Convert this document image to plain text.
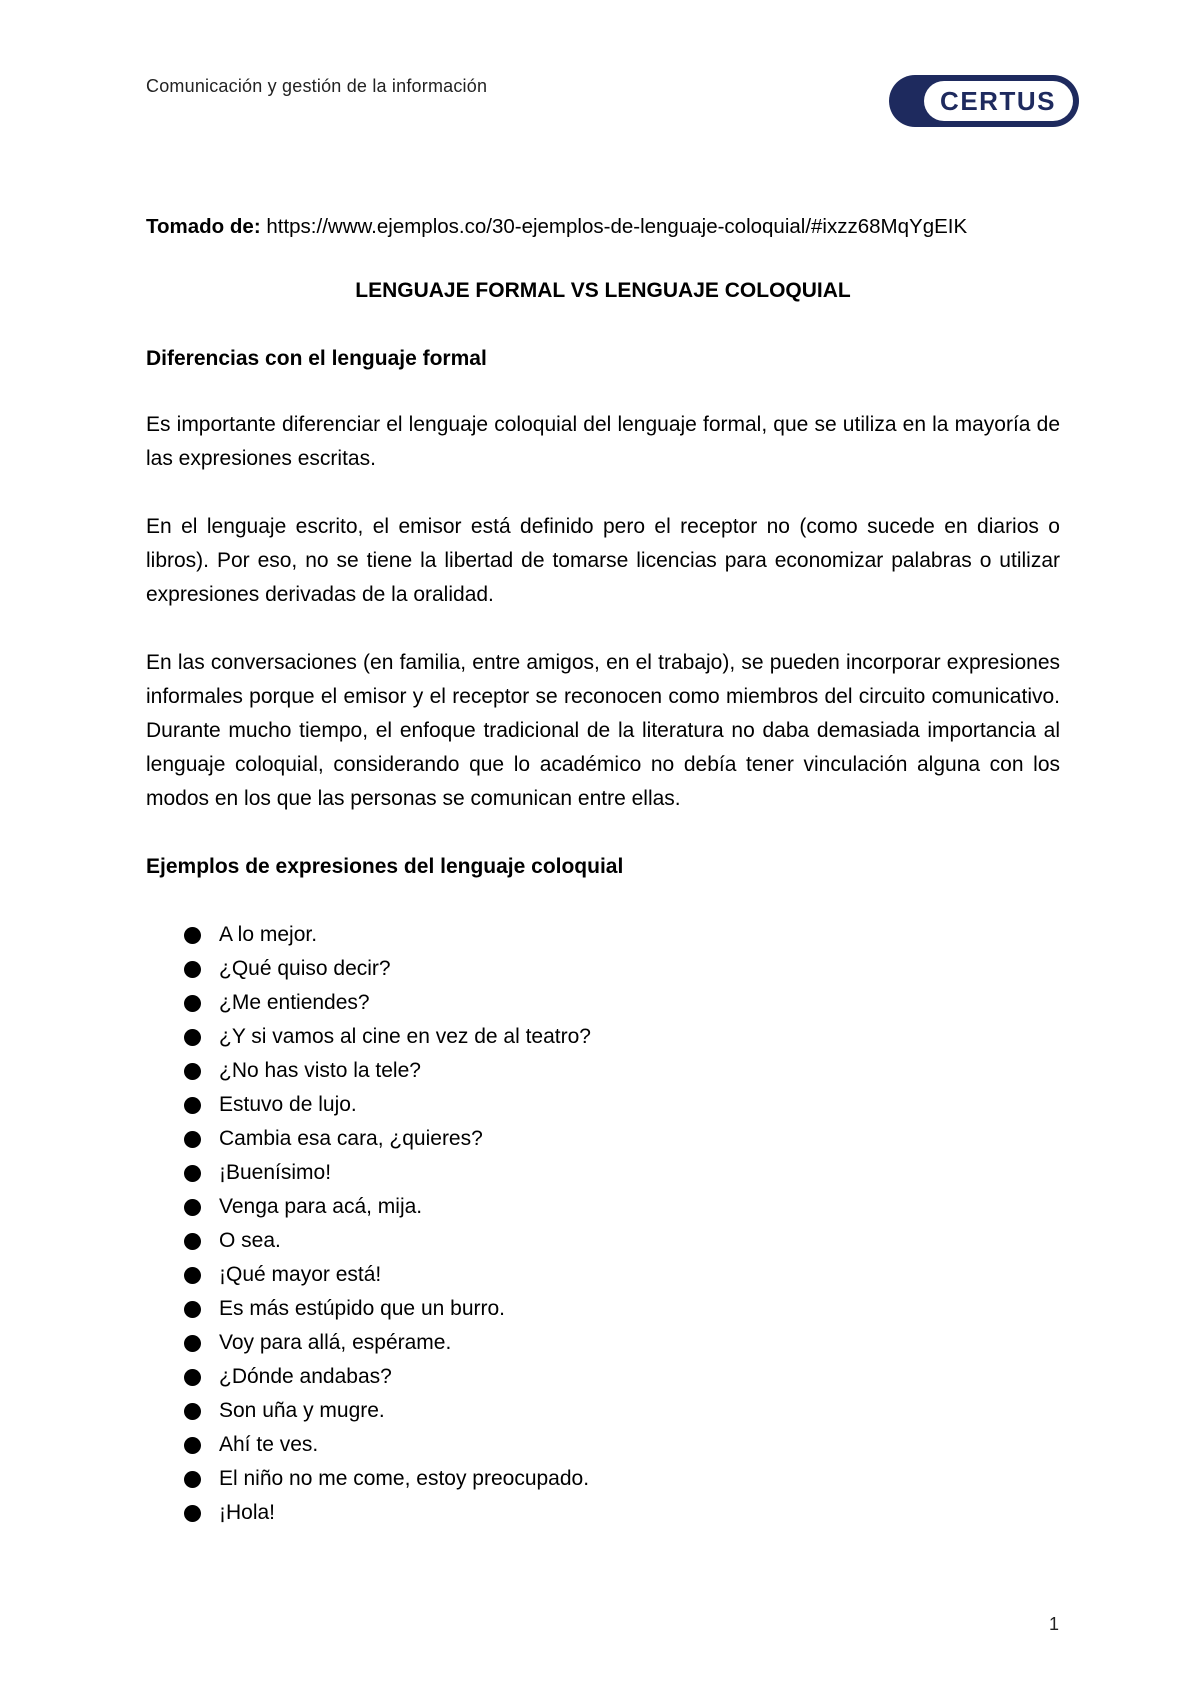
Comunicación y gestión de la información	CERTUS

Tomado de: https://www.ejemplos.co/30-ejemplos-de-lenguaje-coloquial/#ixzz68MqYgEIK

LENGUAJE FORMAL VS LENGUAJE COLOQUIAL
Diferencias con el lenguaje formal

Es importante diferenciar el lenguaje coloquial del lenguaje formal, que se utiliza en la mayoría de las expresiones escritas.

En el lenguaje escrito, el emisor está definido pero el receptor no (como sucede en diarios o libros). Por eso, no se tiene la libertad de tomarse licencias para economizar palabras o utilizar expresiones derivadas de la oralidad.

En las conversaciones (en familia, entre amigos, en el trabajo), se pueden incorporar expresiones informales porque el emisor y el receptor se reconocen como miembros del circuito comunicativo. Durante mucho tiempo, el enfoque tradicional de la literatura no daba demasiada importancia al lenguaje coloquial, considerando que lo académico no debía tener vinculación alguna con los modos en los que las personas se comunican entre ellas.

Ejemplos de expresiones del lenguaje coloquial
A lo mejor.
¿Qué quiso decir?
¿Me entiendes?
¿Y si vamos al cine en vez de al teatro?
¿No has visto la tele?
Estuvo de lujo.
Cambia esa cara, ¿quieres?
¡Buenísimo!
Venga para acá, mija.
O sea.
¡Qué mayor está!
Es más estúpido que un burro.
Voy para allá, espérame.
¿Dónde andabas?
Son uña y mugre.
Ahí te ves.
El niño no me come, estoy preocupado.
¡Hola!
1
